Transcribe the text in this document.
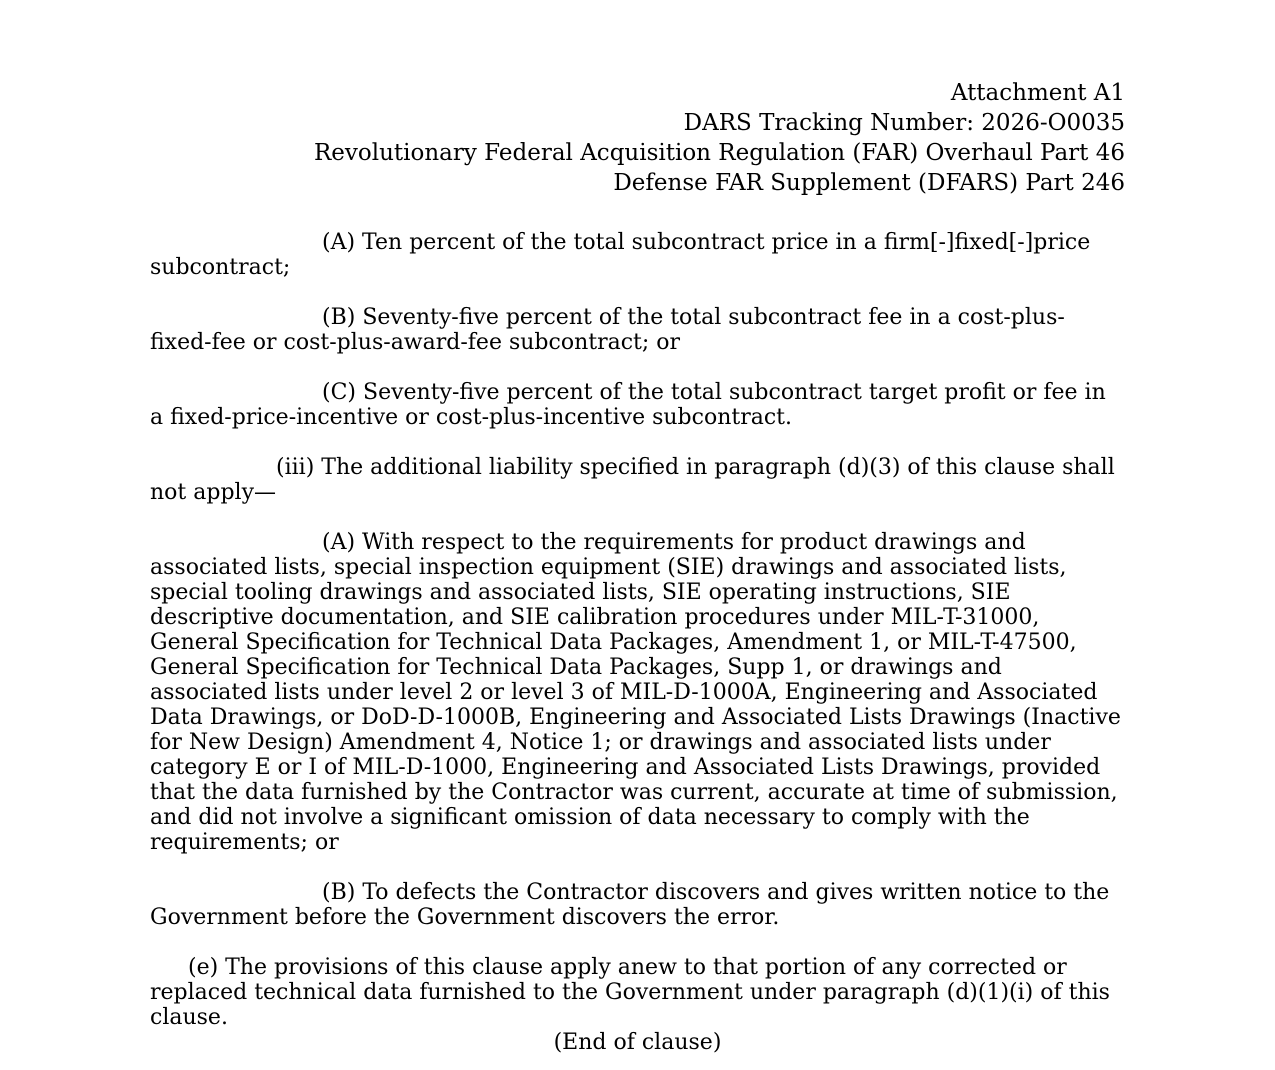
Attachment A1
DARS Tracking Number: 2026-O0035
Revolutionary Federal Acquisition Regulation (FAR) Overhaul Part 46
Defense FAR Supplement (DFARS) Part 246

(A) Ten percent of the total subcontract price in a firm[-]fixed[-]price subcontract;

(B) Seventy-five percent of the total subcontract fee in a cost-plus-fixed-fee or cost-plus-award-fee subcontract; or

(C) Seventy-five percent of the total subcontract target profit or fee in a fixed-price-incentive or cost-plus-incentive subcontract.

(iii) The additional liability specified in paragraph (d)(3) of this clause shall not apply—

(A) With respect to the requirements for product drawings and associated lists, special inspection equipment (SIE) drawings and associated lists, special tooling drawings and associated lists, SIE operating instructions, SIE descriptive documentation, and SIE calibration procedures under MIL-T-31000, General Specification for Technical Data Packages, Amendment 1, or MIL-T-47500, General Specification for Technical Data Packages, Supp 1, or drawings and associated lists under level 2 or level 3 of MIL-D-1000A, Engineering and Associated Data Drawings, or DoD-D-1000B, Engineering and Associated Lists Drawings (Inactive for New Design) Amendment 4, Notice 1; or drawings and associated lists under category E or I of MIL-D-1000, Engineering and Associated Lists Drawings, provided that the data furnished by the Contractor was current, accurate at time of submission, and did not involve a significant omission of data necessary to comply with the requirements; or

(B) To defects the Contractor discovers and gives written notice to the Government before the Government discovers the error.

(e) The provisions of this clause apply anew to that portion of any corrected or replaced technical data furnished to the Government under paragraph (d)(1)(i) of this clause.

(End of clause)
